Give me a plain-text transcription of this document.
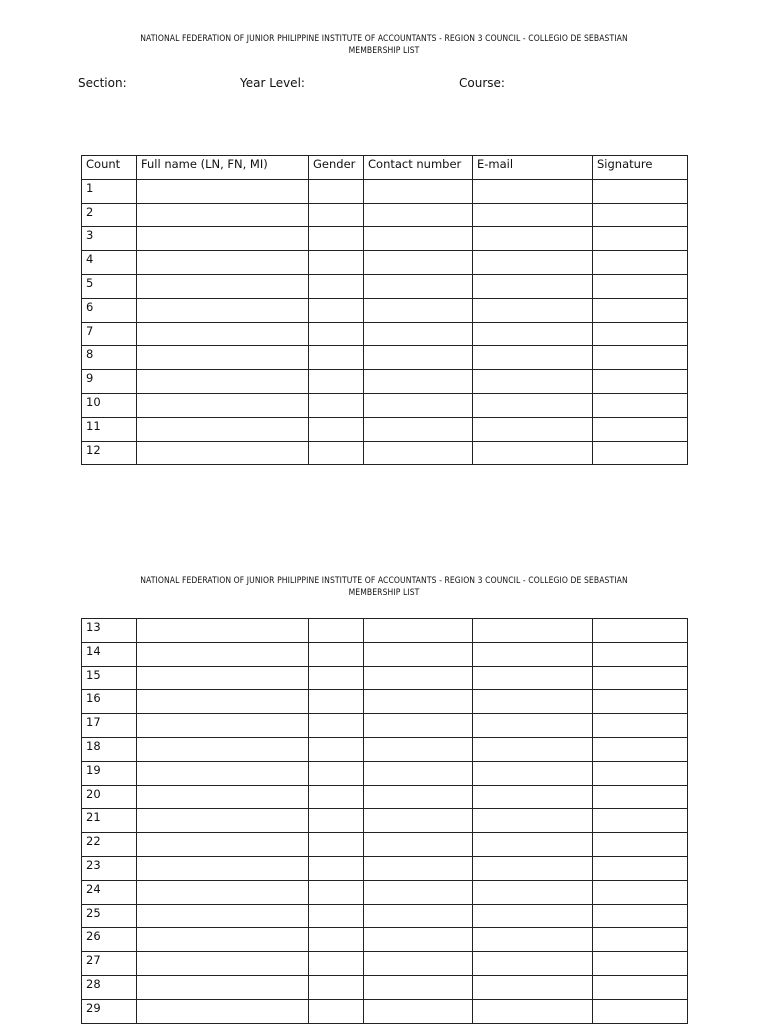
NATIONAL FEDERATION OF JUNIOR PHILIPPINE INSTITUTE OF ACCOUNTANTS - REGION 3 COUNCIL - COLLEGIO DE SEBASTIAN
MEMBERSHIP LIST
Section:	Year Level:	Course:
Count	Full name (LN, FN, MI)	Gender	Contact number	E-mail	Signature
1					
2					
3					
4					
5					
6					
7					
8					
9					
10					
11					
12					
NATIONAL FEDERATION OF JUNIOR PHILIPPINE INSTITUTE OF ACCOUNTANTS - REGION 3 COUNCIL - COLLEGIO DE SEBASTIAN
MEMBERSHIP LIST
13					
14					
15					
16					
17					
18					
19					
20					
21					
22					
23					
24					
25					
26					
27					
28					
29					
